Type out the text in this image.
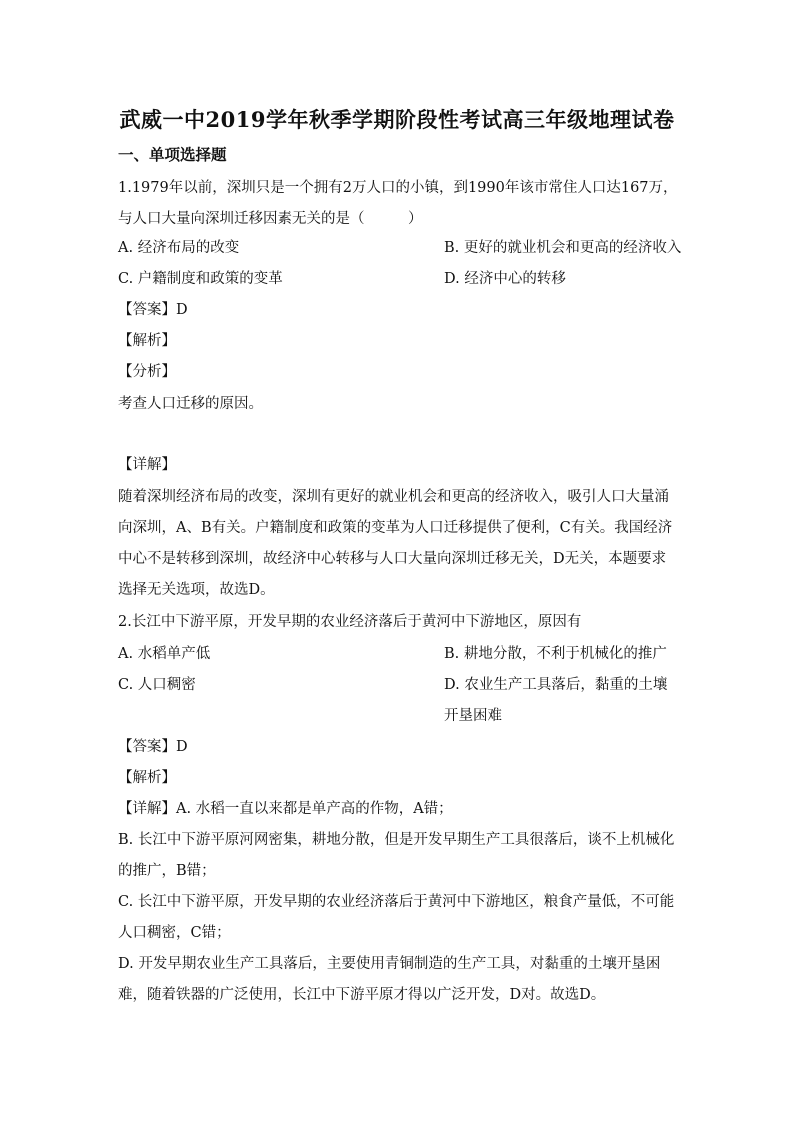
武威一中2019学年秋季学期阶段性考试高三年级地理试卷
一、单项选择题
1.1979年以前，深圳只是一个拥有2万人口的小镇，到1990年该市常住人口达167万，与人口大量向深圳迁移因素无关的是（　　　）
A. 经济布局的改变	B. 更好的就业机会和更高的经济收入
C. 户籍制度和政策的变革	D. 经济中心的转移
【答案】D
【解析】
【分析】
考查人口迁移的原因。
【详解】
随着深圳经济布局的改变，深圳有更好的就业机会和更高的经济收入，吸引人口大量涌向深圳，A、B有关。户籍制度和政策的变革为人口迁移提供了便利，C有关。我国经济中心不是转移到深圳，故经济中心转移与人口大量向深圳迁移无关，D无关，本题要求选择无关选项，故选D。
2.长江中下游平原，开发早期的农业经济落后于黄河中下游地区，原因有
A. 水稻单产低	B. 耕地分散，不利于机械化的推广
C. 人口稠密	D. 农业生产工具落后，黏重的土壤开垦困难
【答案】D
【解析】
【详解】A. 水稻一直以来都是单产高的作物，A错；
B. 长江中下游平原河网密集，耕地分散，但是开发早期生产工具很落后，谈不上机械化的推广，B错；
C. 长江中下游平原，开发早期的农业经济落后于黄河中下游地区，粮食产量低，不可能人口稠密，C错；
D. 开发早期农业生产工具落后，主要使用青铜制造的生产工具，对黏重的土壤开垦困难，随着铁器的广泛使用，长江中下游平原才得以广泛开发，D对。故选D。
